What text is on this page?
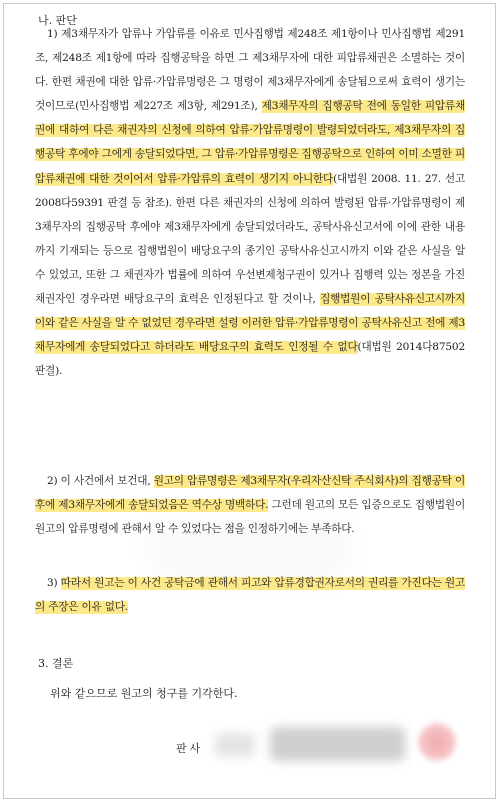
나. 판단

1) 제3채무자가 압류나 가압류를 이유로 민사집행법 제248조 제1항이나 민사집행법 제291조, 제248조 제1항에 따라 집행공탁을 하면 그 제3채무자에 대한 피압류채권은 소멸하는 것이다. 한편 채권에 대한 압류·가압류명령은 그 명령이 제3채무자에게 송달됨으로써 효력이 생기는 것이므로(민사집행법 제227조 제3항, 제291조), 제3채무자의 집행공탁 전에 동일한 피압류채권에 대하여 다른 채권자의 신청에 의하여 압류·가압류명령이 발령되었더라도, 제3채무자의 집행공탁 후에야 그에게 송달되었다면, 그 압류·가압류명령은 집행공탁으로 인하여 이미 소멸한 피압류채권에 대한 것이어서 압류·가압류의 효력이 생기지 아니한다(대법원 2008. 11. 27. 선고 2008다59391 판결 등 참조). 한편 다른 채권자의 신청에 의하여 발령된 압류·가압류명령이 제3채무자의 집행공탁 후에야 제3채무자에게 송달되었더라도, 공탁사유신고서에 이에 관한 내용까지 기재되는 등으로 집행법원이 배당요구의 종기인 공탁사유신고시까지 이와 같은 사실을 알 수 있었고, 또한 그 채권자가 법률에 의하여 우선변제청구권이 있거나 집행력 있는 정본을 가진 채권자인 경우라면 배당요구의 효력은 인정된다고 할 것이나, 집행법원이 공탁사유신고시까지 이와 같은 사실을 알 수 없었던 경우라면 설령 이러한 압류·가압류명령이 공탁사유신고 전에 제3채무자에게 송달되었다고 하더라도 배당요구의 효력도 인정될 수 없다(대법원 2014다87502 판결).

2) 이 사건에서 보건대, 원고의 압류명령은 제3채무자(우리자산신탁 주식회사)의 집행공탁 이후에 제3채무자에게 송달되었음은 역수상 명백하다. 그런데 원고의 모든 입증으로도 집행법원이 원고의 압류명령에 관해서 알 수 있었다는 점을 인정하기에는 부족하다.

3) 따라서 원고는 이 사건 공탁금에 관해서 피고와 압류경합권자로서의 권리를 가진다는 원고의 주장은 이유 없다.

3. 결론
위와 같으므로 원고의 청구를 기각한다.
판사
